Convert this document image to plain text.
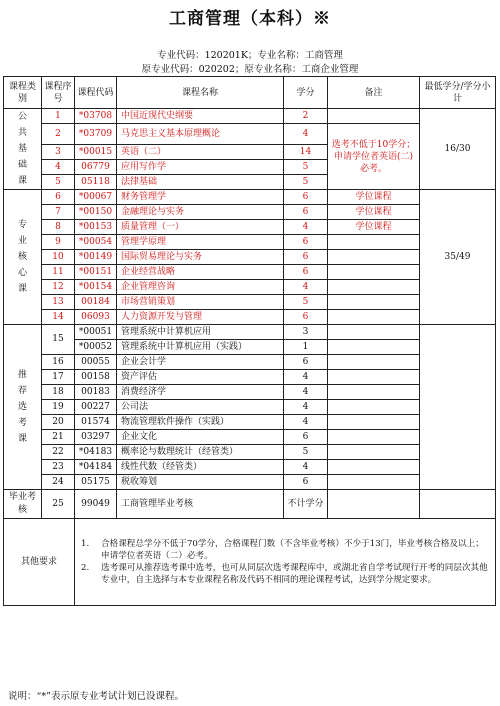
工商管理（本科）※
专业代码：120201K；专业名称：工商管理
原专业代码：020202；原专业名称：工商企业管理
课程类别	课程序号	课程代码	课程名称	学分	备注	最低学分/学分小计
公共基础课	1	*03708	中国近现代史纲要	2		16/30
	2	*03709	马克思主义基本原理概论	4	选考不低于10学分；申请学位者英语(二)必考。	
	3	*00015	英语（二）	14		
	4	06779	应用写作学	5		
	5	05118	法律基础	5		
专业核心课	6	*00067	财务管理学	6	学位课程	35/49
	7	*00150	金融理论与实务	6	学位课程	
	8	*00153	质量管理（一）	4	学位课程	
	9	*00054	管理学原理	6		
	10	*00149	国际贸易理论与实务	6		
	11	*00151	企业经营战略	6		
	12	*00154	企业管理咨询	4		
	13	00184	市场营销策划	5		
	14	06093	人力资源开发与管理	6		
推荐选考课	15	*00051	管理系统中计算机应用	3		
		*00052	管理系统中计算机应用（实践）	1		
	16	00055	企业会计学	6		
	17	00158	资产评估	4		
	18	00183	消费经济学	4		
	19	00227	公司法	4		
	20	01574	物流管理软件操作（实践）	4		
	21	03297	企业文化	6		
	22	*04183	概率论与数理统计（经管类）	5		
	23	*04184	线性代数（经管类）	4		
	24	05175	税收筹划	6		
毕业考核	25	99049	工商管理毕业考核	不计学分		
其他要求		1. 合格课程总学分不低于70学分，合格课程门数（不含毕业考核）不少于13门，毕业考核合格及以上；申请学位者英语（二）必考。
2. 选考课可从推荐选考课中选考，也可从同层次选考课程库中，或湖北省自学考试现行开考的同层次其他专业中，自主选择与本专业课程名称及代码不相同的理论课程考试，达到学分规定要求。				
说明：“*”表示原专业考试计划已设课程。
